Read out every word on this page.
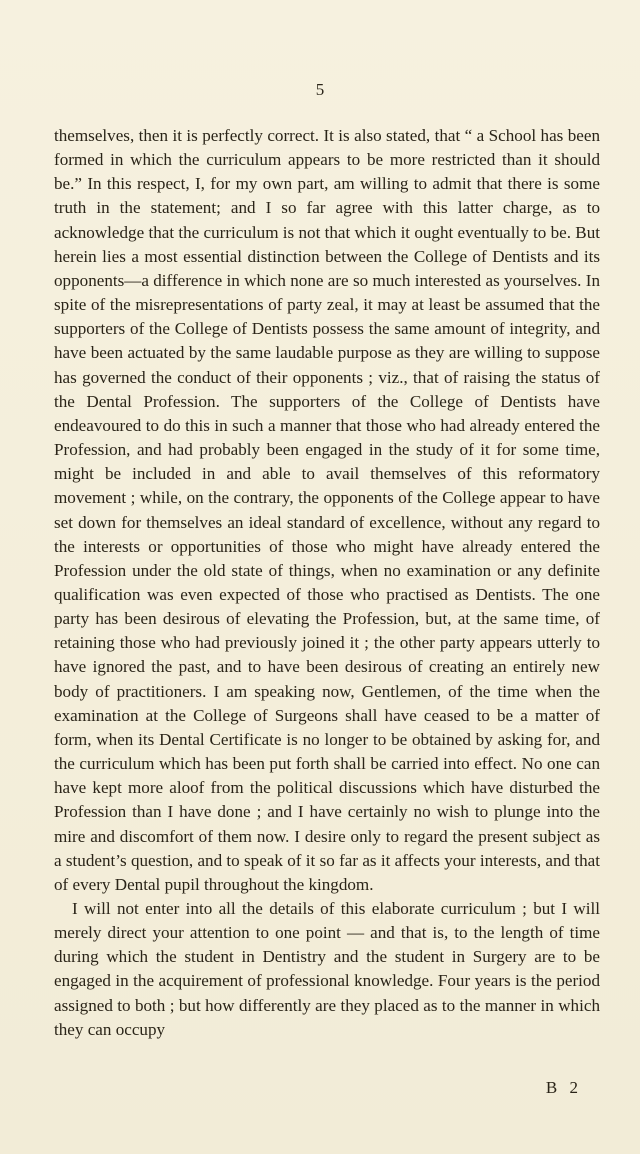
5

themselves, then it is perfectly correct. It is also stated, that “ a School has been formed in which the curriculum appears to be more restricted than it should be.” In this respect, I, for my own part, am willing to admit that there is some truth in the statement; and I so far agree with this latter charge, as to acknowledge that the curriculum is not that which it ought eventually to be. But herein lies a most essential distinction between the College of Dentists and its opponents—a difference in which none are so much interested as yourselves. In spite of the misrepresentations of party zeal, it may at least be assumed that the supporters of the College of Dentists possess the same amount of integrity, and have been actuated by the same laudable purpose as they are willing to suppose has governed the conduct of their opponents ; viz., that of raising the status of the Dental Profession. The supporters of the College of Dentists have endeavoured to do this in such a manner that those who had already entered the Profession, and had probably been engaged in the study of it for some time, might be included in and able to avail themselves of this reformatory movement ; while, on the contrary, the opponents of the College appear to have set down for themselves an ideal standard of excellence, without any regard to the interests or opportunities of those who might have already entered the Profession under the old state of things, when no examination or any definite qualification was even expected of those who practised as Dentists. The one party has been desirous of elevating the Profession, but, at the same time, of retaining those who had previously joined it ; the other party appears utterly to have ignored the past, and to have been desirous of creating an entirely new body of practitioners. I am speaking now, Gentlemen, of the time when the examination at the College of Surgeons shall have ceased to be a matter of form, when its Dental Certificate is no longer to be obtained by asking for, and the curriculum which has been put forth shall be carried into effect. No one can have kept more aloof from the political discussions which have disturbed the Profession than I have done ; and I have certainly no wish to plunge into the mire and discomfort of them now. I desire only to regard the present subject as a student’s question, and to speak of it so far as it affects your interests, and that of every Dental pupil throughout the kingdom.

I will not enter into all the details of this elaborate curriculum ; but I will merely direct your attention to one point — and that is, to the length of time during which the student in Dentistry and the student in Surgery are to be engaged in the acquirement of professional knowledge. Four years is the period assigned to both ; but how differently are they placed as to the manner in which they can occupy

B 2
